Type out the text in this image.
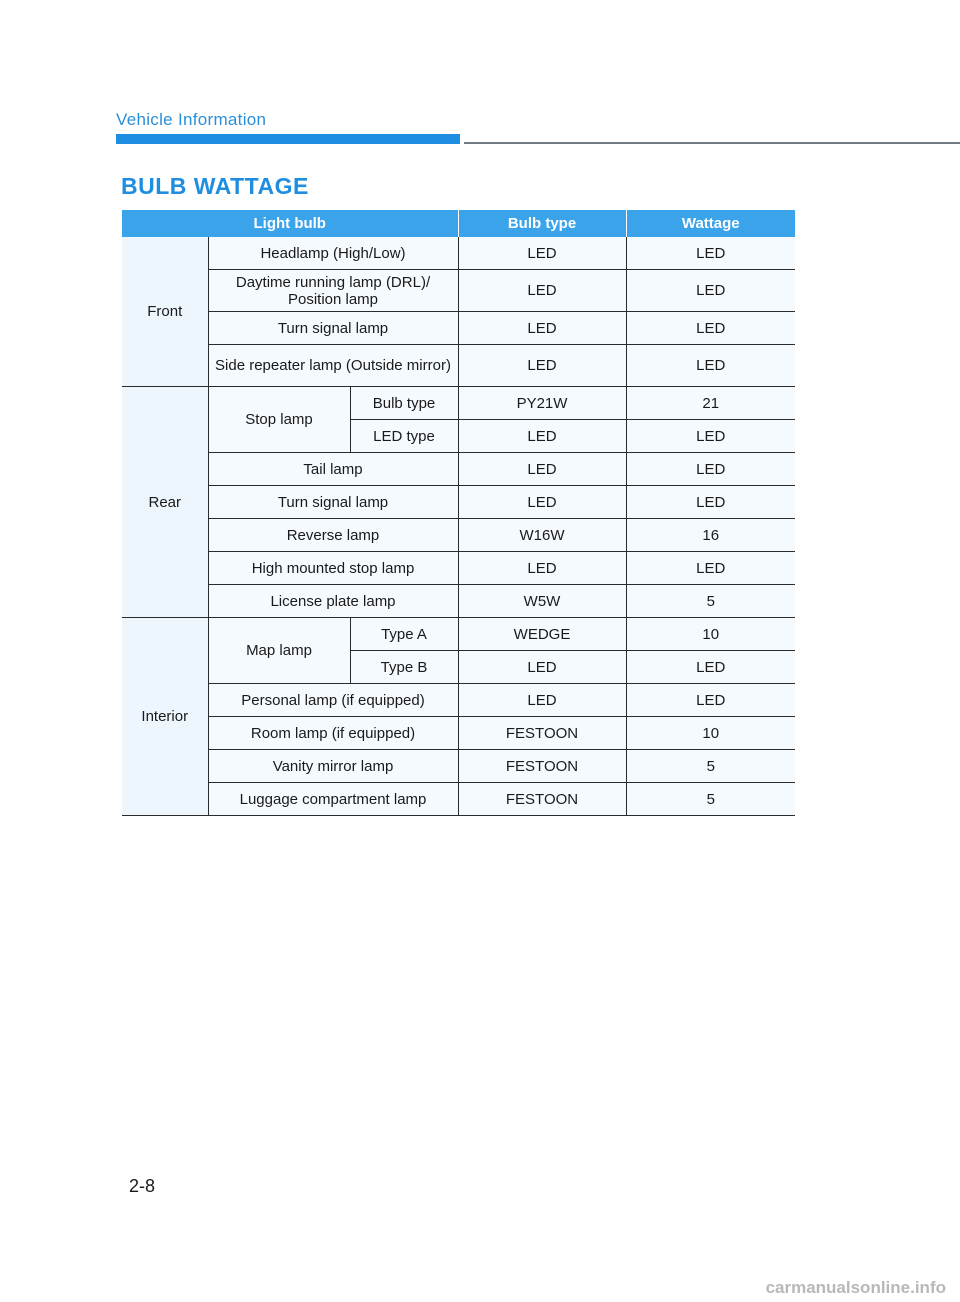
Vehicle Information
BULB WATTAGE
Light bulb			Bulb type	Wattage
Front	Headlamp (High/Low)		LED	LED
	Daytime running lamp (DRL)/ Position lamp		LED	LED
	Turn signal lamp		LED	LED
	Side repeater lamp (Outside mirror)		LED	LED
Rear	Stop lamp	Bulb type	PY21W	21
		LED type	LED	LED
	Tail lamp		LED	LED
	Turn signal lamp		LED	LED
	Reverse lamp		W16W	16
	High mounted stop lamp		LED	LED
	License plate lamp		W5W	5
Interior	Map lamp	Type A	WEDGE	10
		Type B	LED	LED
	Personal lamp (if equipped)		LED	LED
	Room lamp (if equipped)		FESTOON	10
	Vanity mirror lamp		FESTOON	5
	Luggage compartment lamp		FESTOON	5
2-8
carmanualsonline.info
